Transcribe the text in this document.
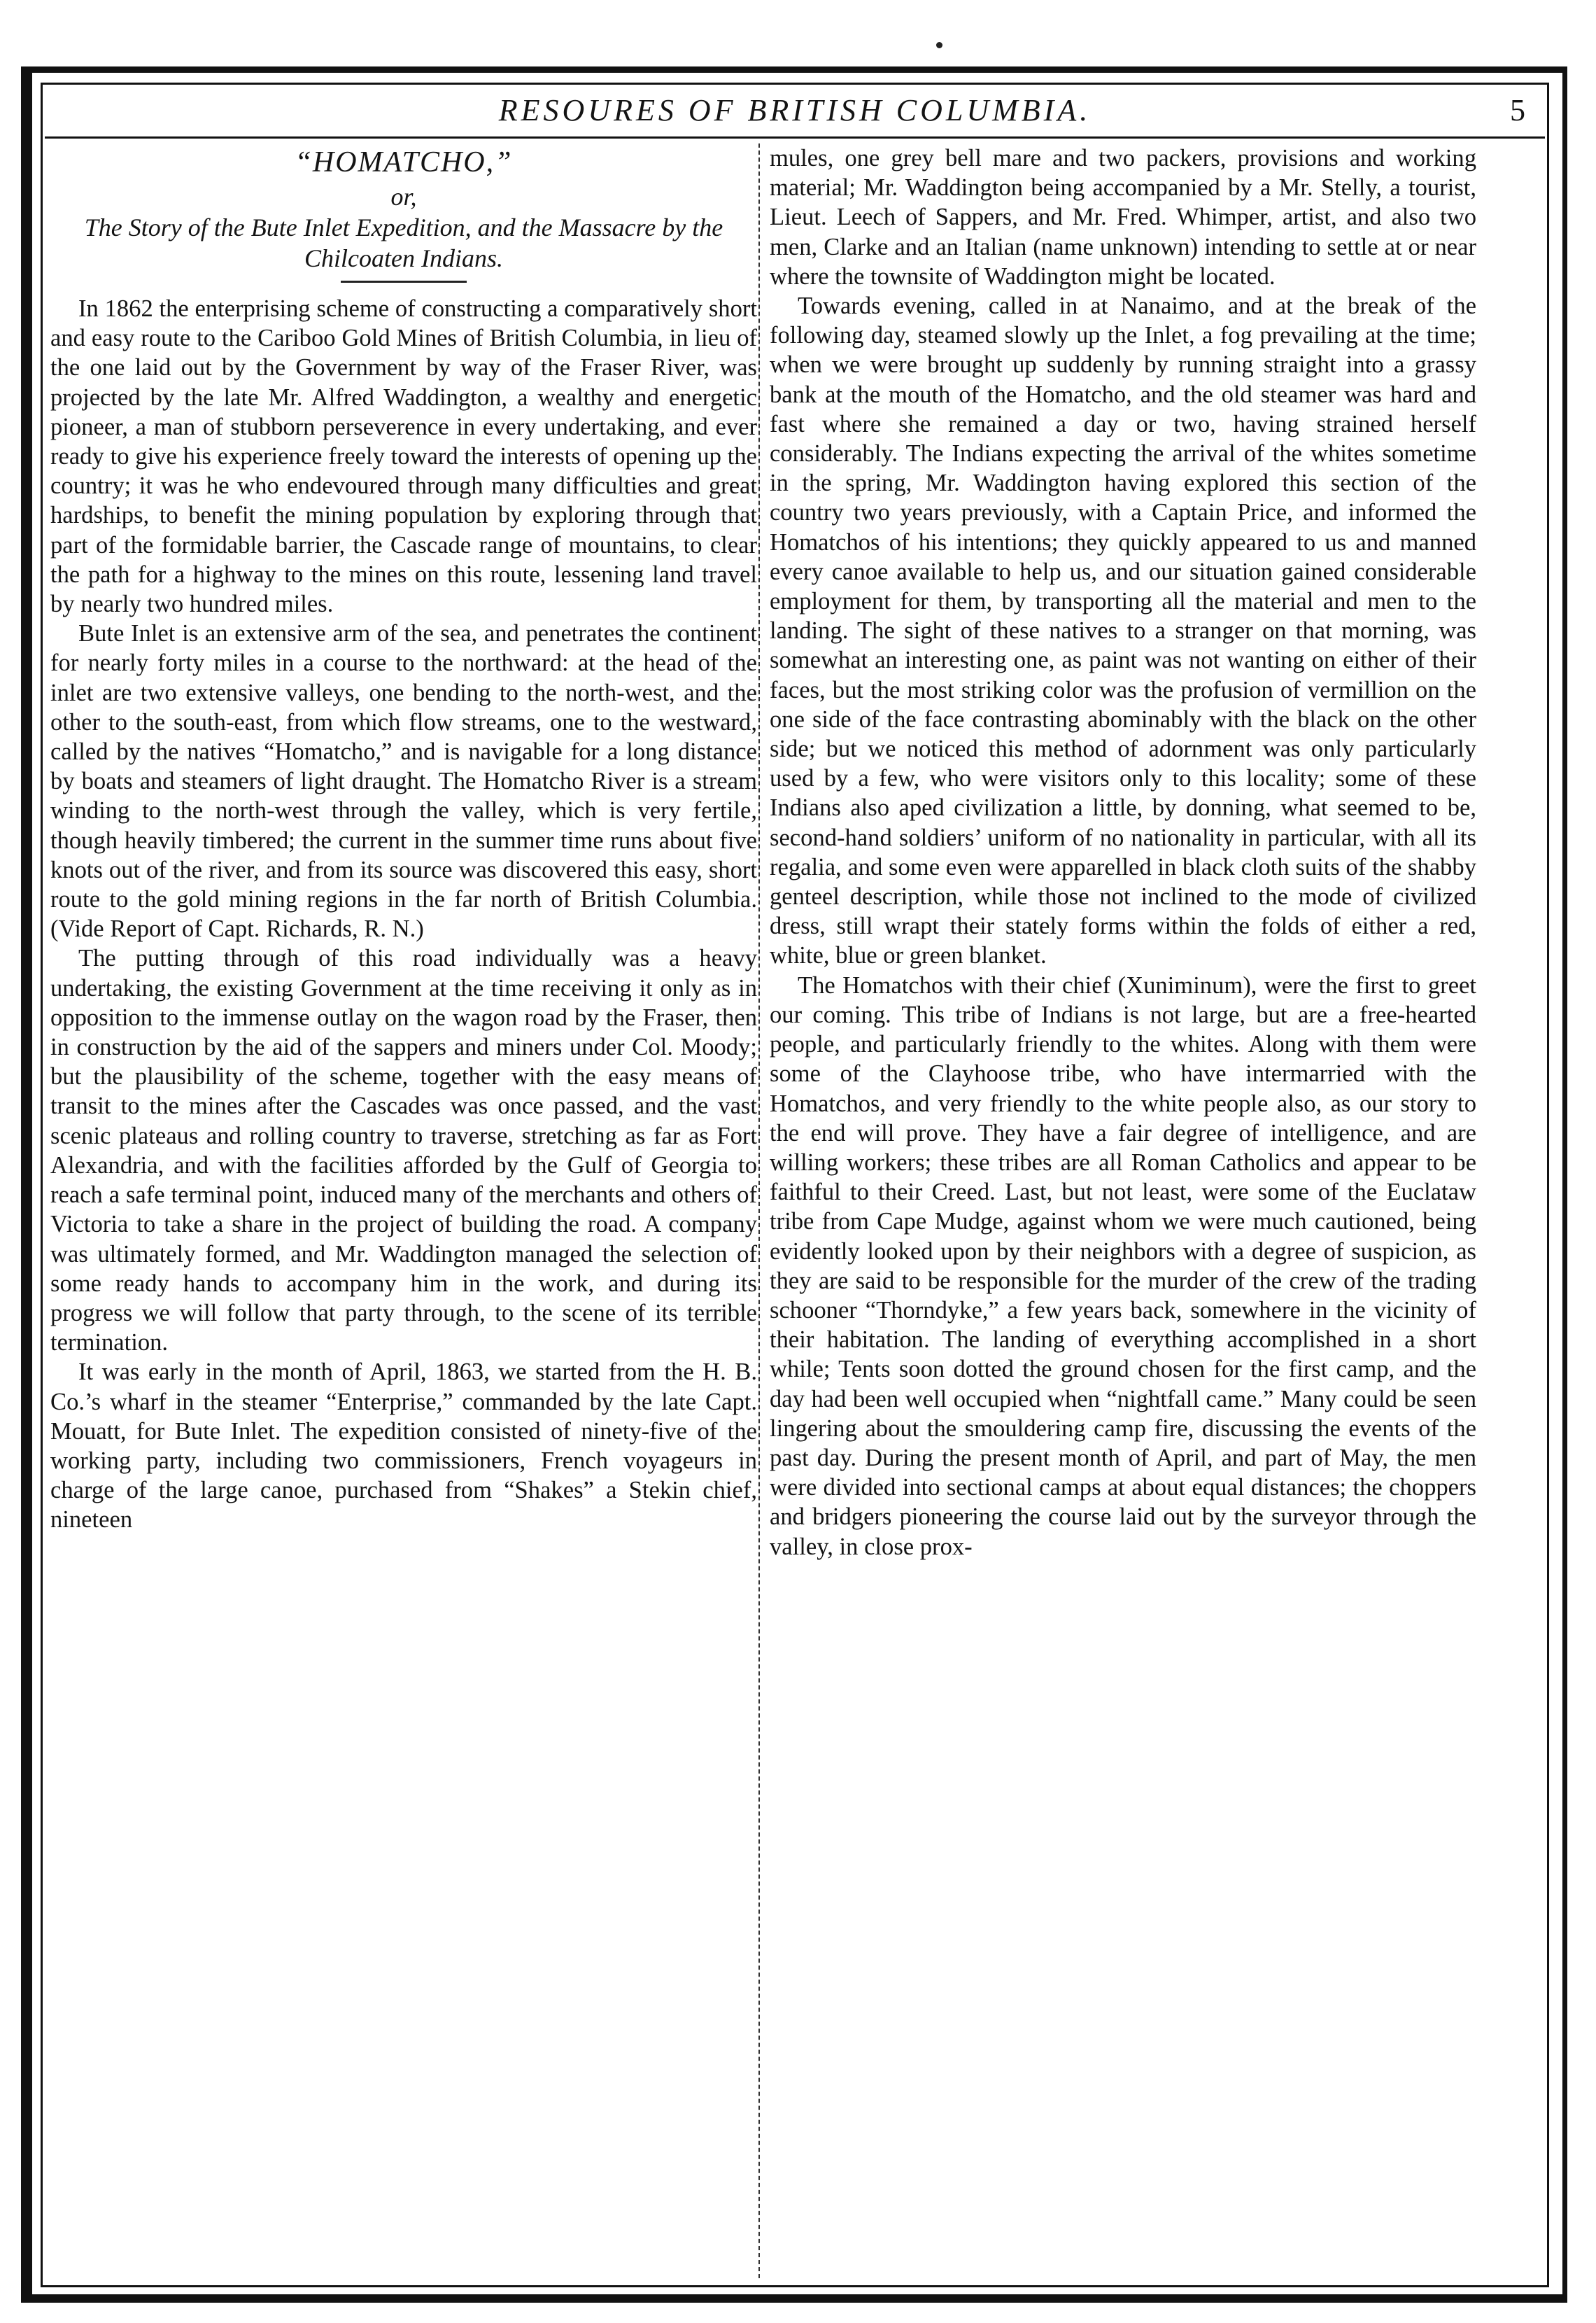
RESOURES OF BRITISH COLUMBIA.	5
“HOMATCHO,”
or,
The Story of the Bute Inlet Expedition, and the Massacre by the Chilcoaten Indians.

In 1862 the enterprising scheme of constructing a comparatively short and easy route to the Cariboo Gold Mines of British Columbia, in lieu of the one laid out by the Government by way of the Fraser River, was projected by the late Mr. Alfred Waddington, a wealthy and energetic pioneer, a man of stubborn perseverence in every undertaking, and ever ready to give his experience freely toward the interests of opening up the country; it was he who endevoured through many difficulties and great hardships, to benefit the mining population by exploring through that part of the formidable barrier, the Cascade range of mountains, to clear the path for a highway to the mines on this route, lessening land travel by nearly two hundred miles.

Bute Inlet is an extensive arm of the sea, and penetrates the continent for nearly forty miles in a course to the northward: at the head of the inlet are two extensive valleys, one bending to the north-west, and the other to the south-east, from which flow streams, one to the westward, called by the natives “Homatcho,” and is navigable for a long distance by boats and steamers of light draught. The Homatcho River is a stream winding to the north-west through the valley, which is very fertile, though heavily timbered; the current in the summer time runs about five knots out of the river, and from its source was discovered this easy, short route to the gold mining regions in the far north of British Columbia. (Vide Report of Capt. Richards, R. N.)

The putting through of this road individually was a heavy undertaking, the existing Government at the time receiving it only as in opposition to the immense outlay on the wagon road by the Fraser, then in construction by the aid of the sappers and miners under Col. Moody; but the plausibility of the scheme, together with the easy means of transit to the mines after the Cascades was once passed, and the vast scenic plateaus and rolling country to traverse, stretching as far as Fort Alexandria, and with the facilities afforded by the Gulf of Georgia to reach a safe terminal point, induced many of the merchants and others of Victoria to take a share in the project of building the road. A company was ultimately formed, and Mr. Waddington managed the selection of some ready hands to accompany him in the work, and during its progress we will follow that party through, to the scene of its terrible termination.

It was early in the month of April, 1863, we started from the H. B. Co.’s wharf in the steamer “Enterprise,” commanded by the late Capt. Mouatt, for Bute Inlet. The expedition consisted of ninety-five of the working party, including two commissioners, French voyageurs in charge of the large canoe, purchased from “Shakes” a Stekin chief, nineteen

mules, one grey bell mare and two packers, provisions and working material; Mr. Waddington being accompanied by a Mr. Stelly, a tourist, Lieut. Leech of Sappers, and Mr. Fred. Whimper, artist, and also two men, Clarke and an Italian (name unknown) intending to settle at or near where the townsite of Waddington might be located.

Towards evening, called in at Nanaimo, and at the break of the following day, steamed slowly up the Inlet, a fog prevailing at the time; when we were brought up suddenly by running straight into a grassy bank at the mouth of the Homatcho, and the old steamer was hard and fast where she remained a day or two, having strained herself considerably. The Indians expecting the arrival of the whites sometime in the spring, Mr. Waddington having explored this section of the country two years previously, with a Captain Price, and informed the Homatchos of his intentions; they quickly appeared to us and manned every canoe available to help us, and our situation gained considerable employment for them, by transporting all the material and men to the landing. The sight of these natives to a stranger on that morning, was somewhat an interesting one, as paint was not wanting on either of their faces, but the most striking color was the profusion of vermillion on the one side of the face contrasting abominably with the black on the other side; but we noticed this method of adornment was only particularly used by a few, who were visitors only to this locality; some of these Indians also aped civilization a little, by donning, what seemed to be, second-hand soldiers’ uniform of no nationality in particular, with all its regalia, and some even were apparelled in black cloth suits of the shabby genteel description, while those not inclined to the mode of civilized dress, still wrapt their stately forms within the folds of either a red, white, blue or green blanket.

The Homatchos with their chief (Xuniminum), were the first to greet our coming. This tribe of Indians is not large, but are a free-hearted people, and particularly friendly to the whites. Along with them were some of the Clayhoose tribe, who have intermarried with the Homatchos, and very friendly to the white people also, as our story to the end will prove. They have a fair degree of intelligence, and are willing workers; these tribes are all Roman Catholics and appear to be faithful to their Creed. Last, but not least, were some of the Euclataw tribe from Cape Mudge, against whom we were much cautioned, being evidently looked upon by their neighbors with a degree of suspicion, as they are said to be responsible for the murder of the crew of the trading schooner “Thorndyke,” a few years back, somewhere in the vicinity of their habitation. The landing of everything accomplished in a short while; Tents soon dotted the ground chosen for the first camp, and the day had been well occupied when “nightfall came.” Many could be seen lingering about the smouldering camp fire, discussing the events of the past day. During the present month of April, and part of May, the men were divided into sectional camps at about equal distances; the choppers and bridgers pioneering the course laid out by the surveyor through the valley, in close prox-
